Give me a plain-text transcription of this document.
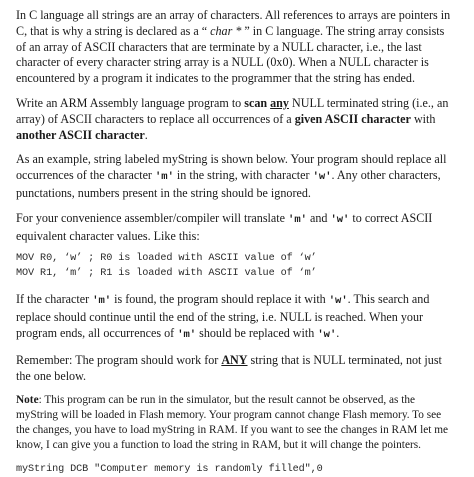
In C language all strings are an array of characters. All references to arrays are pointers in C, that is why a string is declared as a “ char * ” in C language. The string array consists of an array of ASCII characters that are terminate by a NULL character, i.e., the last character of every character string array is a NULL (0x0). When a NULL character is encountered by a program it indicates to the programmer that the string has ended.

Write an ARM Assembly language program to scan any NULL terminated string (i.e., an array) of ASCII characters to replace all occurrences of a given ASCII character with another ASCII character.

As an example, string labeled myString is shown below. Your program should replace all occurrences of the character 'm' in the string, with character 'w'. Any other characters, punctations, numbers present in the string should be ignored.

For your convenience assembler/compiler will translate 'm' and 'w' to correct ASCII equivalent character values. Like this:

MOV R0, ‘w’ ; R0 is loaded with ASCII value of ‘w’
MOV R1, ‘m’ ; R1 is loaded with ASCII value of ‘m’

If the character 'm' is found, the program should replace it with 'w'. This search and replace should continue until the end of the string, i.e. NULL is reached. When your program ends, all occurrences of 'm' should be replaced with 'w'.

Remember: The program should work for ANY string that is NULL terminated, not just the one below.

Note: This program can be run in the simulator, but the result cannot be observed, as the myString will be loaded in Flash memory. Your program cannot change Flash memory. To see the changes, you have to load myString in RAM. If you want to see the changes in RAM let me know, I can give you a function to load the string in RAM, but it will change the pointers.

myString DCB "Computer memory is randomly filled",0
